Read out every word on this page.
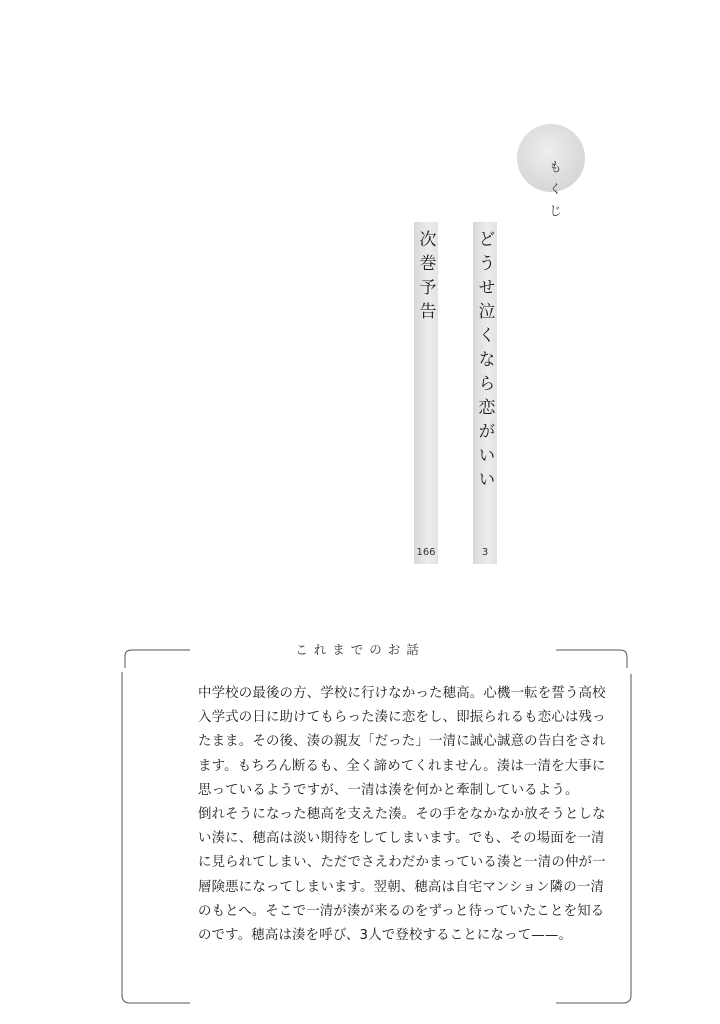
もくじ
どうせ泣くなら恋がいい
3
次巻予告
166
これまでのお話
中学校の最後の方、学校に行けなかった穂高。心機一転を誓う高校
入学式の日に助けてもらった湊に恋をし、即振られるも恋心は残っ
たまま。その後、湊の親友「だった」一清に誠心誠意の告白をされ
ます。もちろん断るも、全く諦めてくれません。湊は一清を大事に
思っているようですが、一清は湊を何かと牽制しているよう。
倒れそうになった穂高を支えた湊。その手をなかなか放そうとしな
い湊に、穂高は淡い期待をしてしまいます。でも、その場面を一清
に見られてしまい、ただでさえわだかまっている湊と一清の仲が一
層険悪になってしまいます。翌朝、穂高は自宅マンション隣の一清
のもとへ。そこで一清が湊が来るのをずっと待っていたことを知る
のです。穂高は湊を呼び、3人で登校することになって——。
